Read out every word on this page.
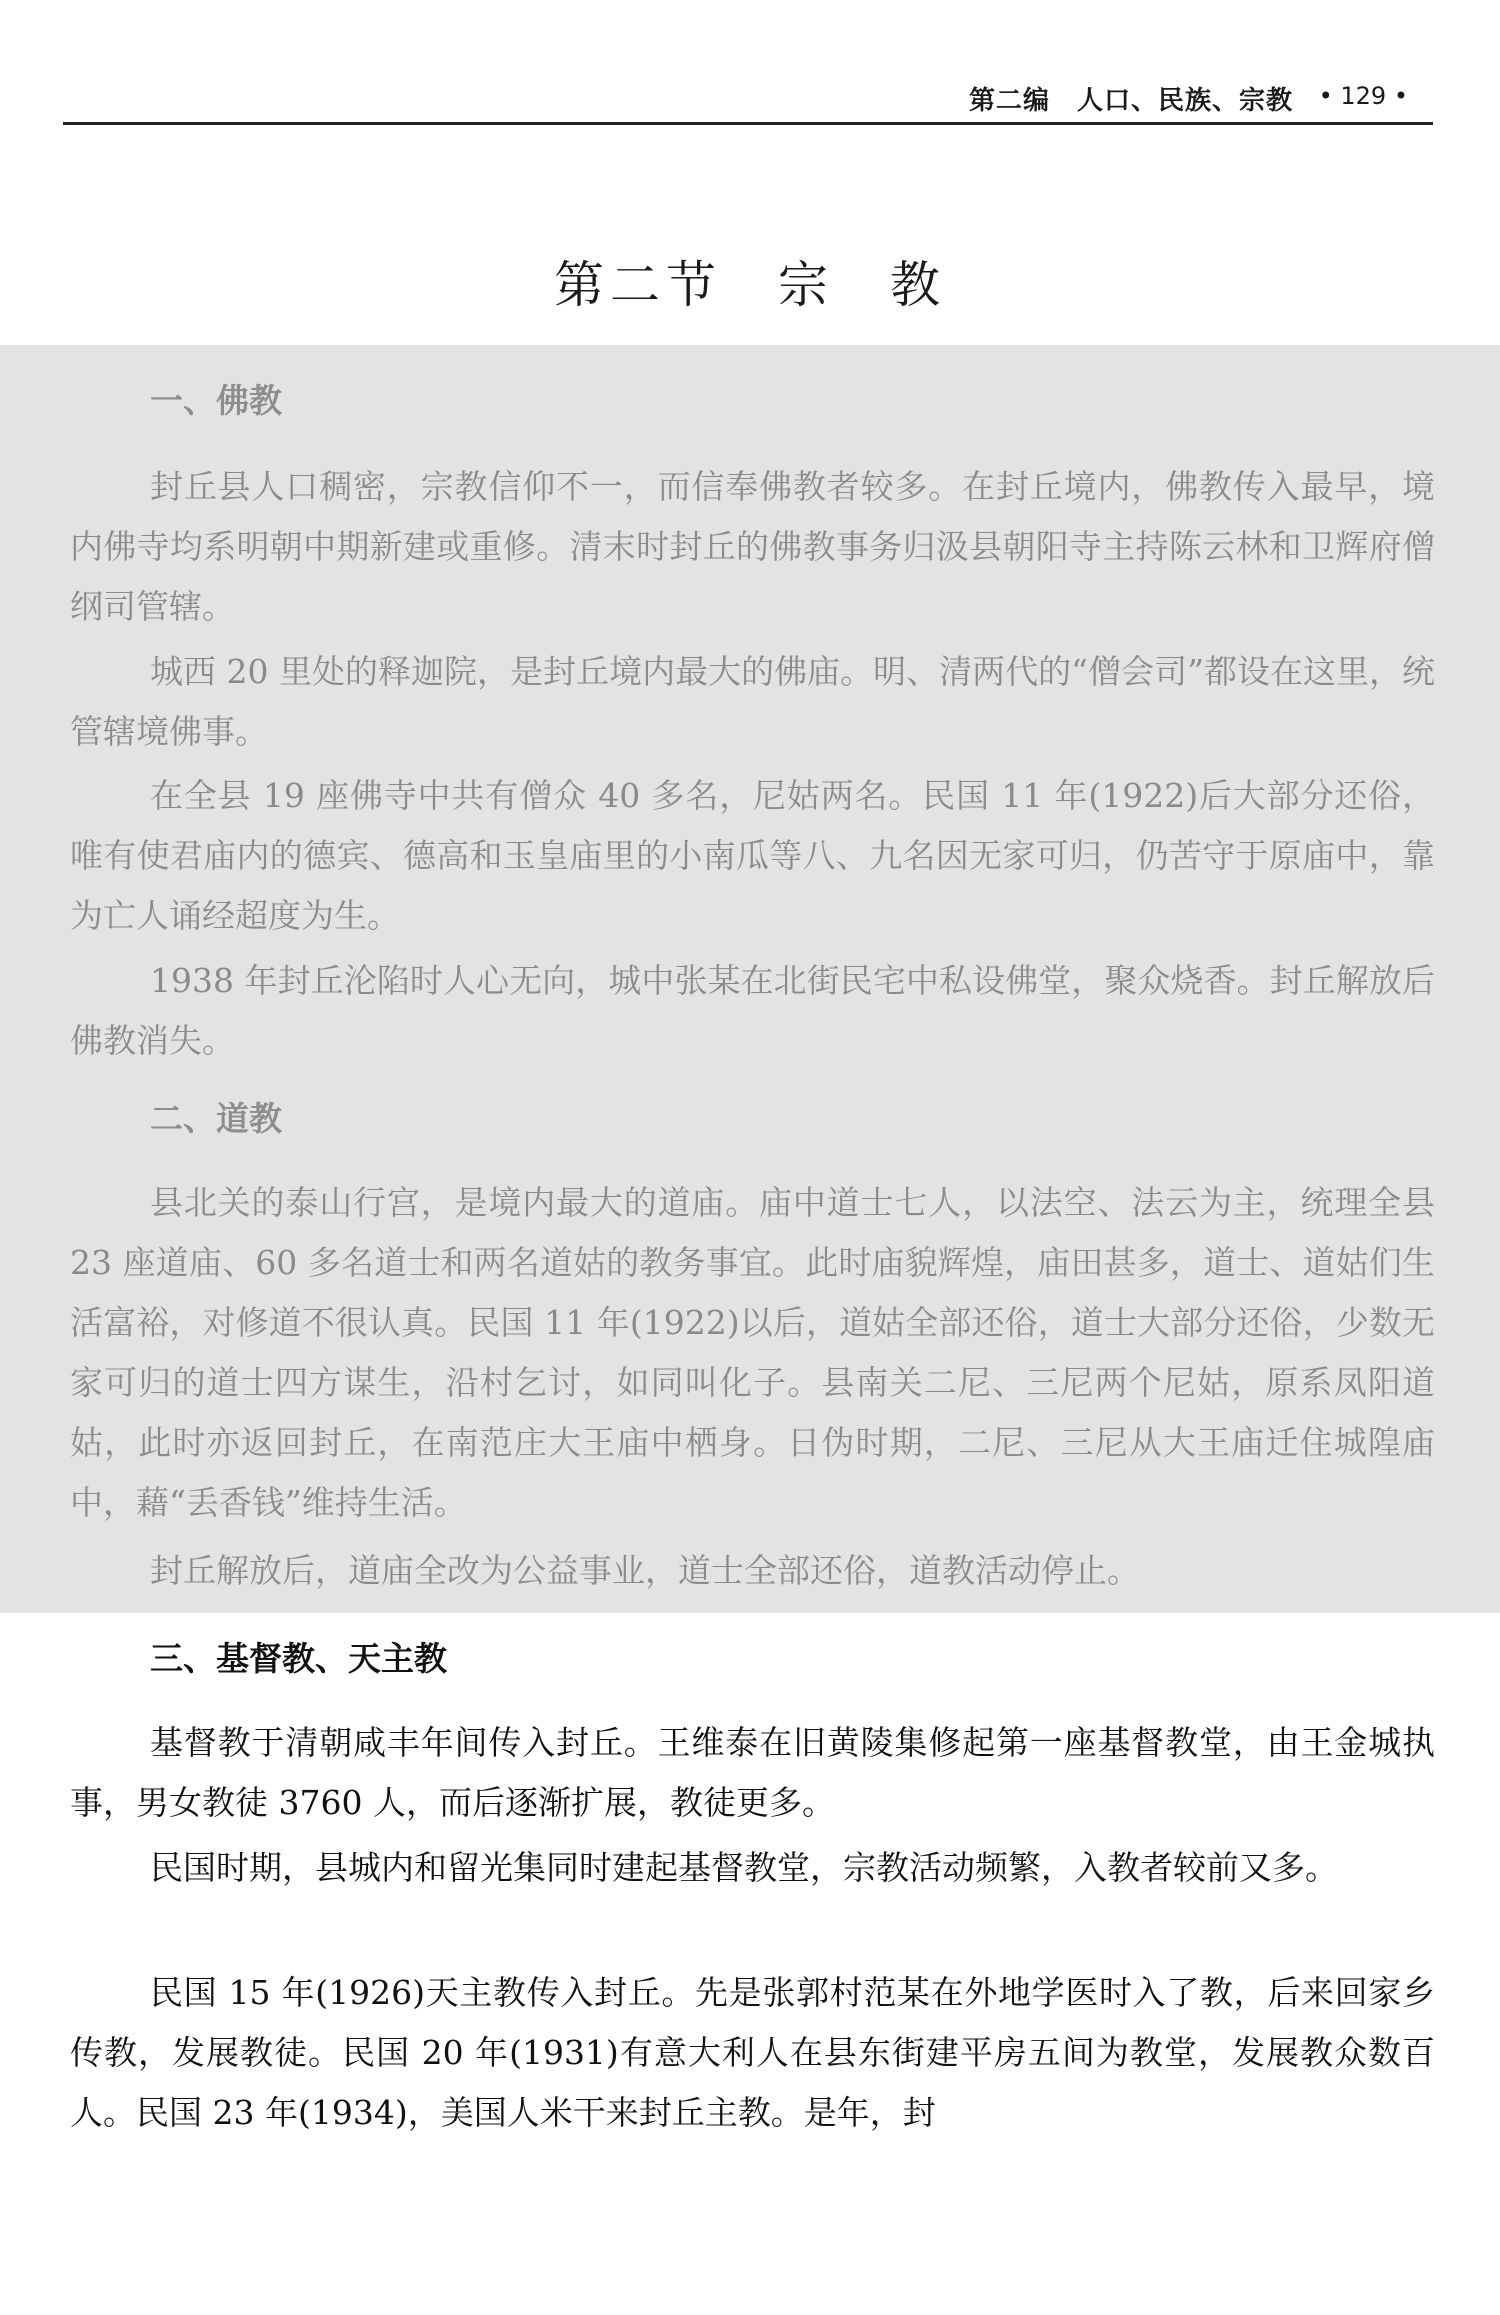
第二编　人口、民族、宗教 • 129 •
第二节　宗　教
一、佛教

封丘县人口稠密，宗教信仰不一，而信奉佛教者较多。在封丘境内，佛教传入最早，境内佛寺均系明朝中期新建或重修。清末时封丘的佛教事务归汲县朝阳寺主持陈云林和卫辉府僧纲司管辖。

城西 20 里处的释迦院，是封丘境内最大的佛庙。明、清两代的“僧会司”都设在这里，统管辖境佛事。

在全县 19 座佛寺中共有僧众 40 多名，尼姑两名。民国 11 年(1922)后大部分还俗，唯有使君庙内的德宾、德高和玉皇庙里的小南瓜等八、九名因无家可归，仍苦守于原庙中，靠为亡人诵经超度为生。

1938 年封丘沦陷时人心无向，城中张某在北街民宅中私设佛堂，聚众烧香。封丘解放后佛教消失。

二、道教

县北关的泰山行宫，是境内最大的道庙。庙中道士七人，以法空、法云为主，统理全县 23 座道庙、60 多名道士和两名道姑的教务事宜。此时庙貌辉煌，庙田甚多，道士、道姑们生活富裕，对修道不很认真。民国 11 年(1922)以后，道姑全部还俗，道士大部分还俗，少数无家可归的道士四方谋生，沿村乞讨，如同叫化子。县南关二尼、三尼两个尼姑，原系凤阳道姑，此时亦返回封丘，在南范庄大王庙中栖身。日伪时期，二尼、三尼从大王庙迁住城隍庙中，藉“丢香钱”维持生活。

封丘解放后，道庙全改为公益事业，道士全部还俗，道教活动停止。

三、基督教、天主教

基督教于清朝咸丰年间传入封丘。王维泰在旧黄陵集修起第一座基督教堂，由王金城执事，男女教徒 3760 人，而后逐渐扩展，教徒更多。

民国时期，县城内和留光集同时建起基督教堂，宗教活动频繁，入教者较前又多。

民国 15 年(1926)天主教传入封丘。先是张郭村范某在外地学医时入了教，后来回家乡传教，发展教徒。民国 20 年(1931)有意大利人在县东街建平房五间为教堂，发展教众数百人。民国 23 年(1934)，美国人米干来封丘主教。是年，封
